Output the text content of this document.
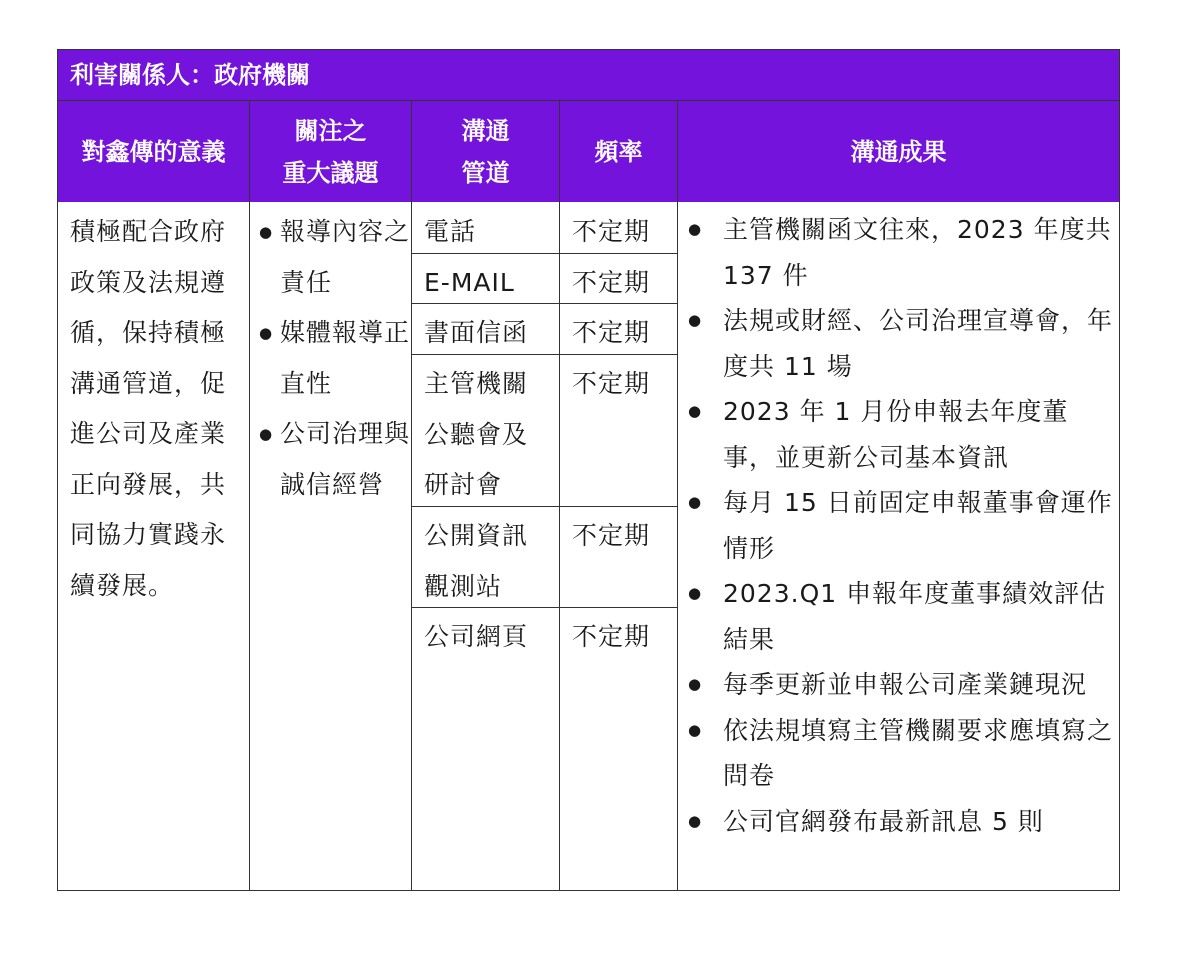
利害關係人：政府機關
對鑫傳的意義
關注之
重大議題
溝通
管道
頻率	溝通成果
積極配合政府政策及法規遵循，保持積極溝通管道，促進公司及產業正向發展，共同協力實踐永續發展。
● 報導內容之責任
● 媒體報導正直性
● 公司治理與誠信經營
電話
E-MAIL
書面信函
主管機關公聽會及研討會
公開資訊觀測站
公司網頁
不定期
不定期
不定期
不定期
不定期
不定期
● 主管機關函文往來，2023 年度共 137 件
● 法規或財經、公司治理宣導會，年度共 11 場
● 2023 年 1 月份申報去年度董事，並更新公司基本資訊
● 每月 15 日前固定申報董事會運作情形
● 2023.Q1 申報年度董事績效評估結果
● 每季更新並申報公司產業鏈現況
● 依法規填寫主管機關要求應填寫之問卷
● 公司官網發布最新訊息 5 則
